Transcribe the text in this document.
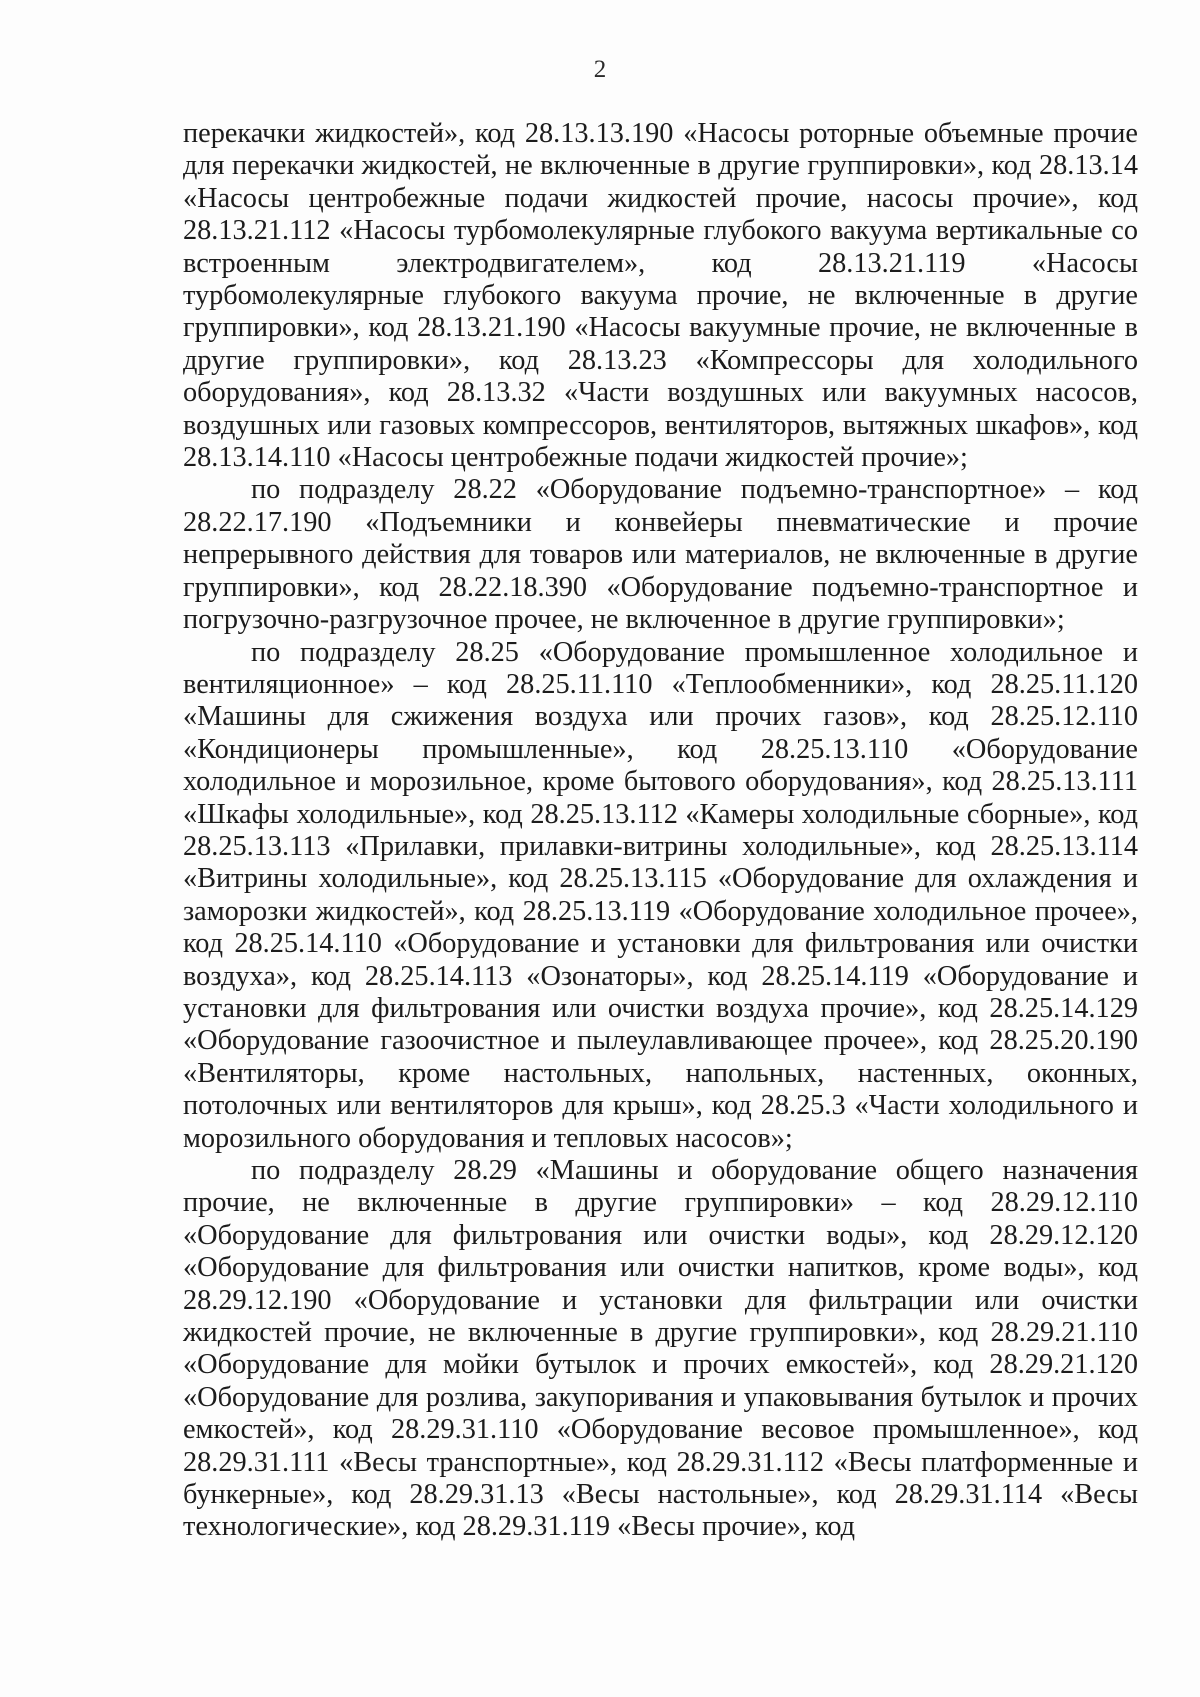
2

перекачки жидкостей», код 28.13.13.190 «Насосы роторные объемные прочие для перекачки жидкостей, не включенные в другие группировки», код 28.13.14 «Насосы центробежные подачи жидкостей прочие, насосы прочие», код 28.13.21.112 «Насосы турбомолекулярные глубокого вакуума вертикальные со встроенным электродвигателем», код 28.13.21.119 «Насосы турбомолекулярные глубокого вакуума прочие, не включенные в другие группировки», код 28.13.21.190 «Насосы вакуумные прочие, не включенные в другие группировки», код 28.13.23 «Компрессоры для холодильного оборудования», код 28.13.32 «Части воздушных или вакуумных насосов, воздушных или газовых компрессоров, вентиляторов, вытяжных шкафов», код 28.13.14.110 «Насосы центробежные подачи жидкостей прочие»;

по подразделу 28.22 «Оборудование подъемно-транспортное» – код 28.22.17.190 «Подъемники и конвейеры пневматические и прочие непрерывного действия для товаров или материалов, не включенные в другие группировки», код 28.22.18.390 «Оборудование подъемно-транспортное и погрузочно-разгрузочное прочее, не включенное в другие группировки»;

по подразделу 28.25 «Оборудование промышленное холодильное и вентиляционное» – код 28.25.11.110 «Теплообменники», код 28.25.11.120 «Машины для сжижения воздуха или прочих газов», код 28.25.12.110 «Кондиционеры промышленные», код 28.25.13.110 «Оборудование холодильное и морозильное, кроме бытового оборудования», код 28.25.13.111 «Шкафы холодильные», код 28.25.13.112 «Камеры холодильные сборные», код 28.25.13.113 «Прилавки, прилавки-витрины холодильные», код 28.25.13.114 «Витрины холодильные», код 28.25.13.115 «Оборудование для охлаждения и заморозки жидкостей», код 28.25.13.119 «Оборудование холодильное прочее», код 28.25.14.110 «Оборудование и установки для фильтрования или очистки воздуха», код 28.25.14.113 «Озонаторы», код 28.25.14.119 «Оборудование и установки для фильтрования или очистки воздуха прочие», код 28.25.14.129 «Оборудование газоочистное и пылеулавливающее прочее», код 28.25.20.190 «Вентиляторы, кроме настольных, напольных, настенных, оконных, потолочных или вентиляторов для крыш», код 28.25.3 «Части холодильного и морозильного оборудования и тепловых насосов»;

по подразделу 28.29 «Машины и оборудование общего назначения прочие, не включенные в другие группировки» – код 28.29.12.110 «Оборудование для фильтрования или очистки воды», код 28.29.12.120 «Оборудование для фильтрования или очистки напитков, кроме воды», код 28.29.12.190 «Оборудование и установки для фильтрации или очистки жидкостей прочие, не включенные в другие группировки», код 28.29.21.110 «Оборудование для мойки бутылок и прочих емкостей», код 28.29.21.120 «Оборудование для розлива, закупоривания и упаковывания бутылок и прочих емкостей», код 28.29.31.110 «Оборудование весовое промышленное», код 28.29.31.111 «Весы транспортные», код 28.29.31.112 «Весы платформенные и бункерные», код 28.29.31.13 «Весы настольные», код 28.29.31.114 «Весы технологические», код 28.29.31.119 «Весы прочие», код
